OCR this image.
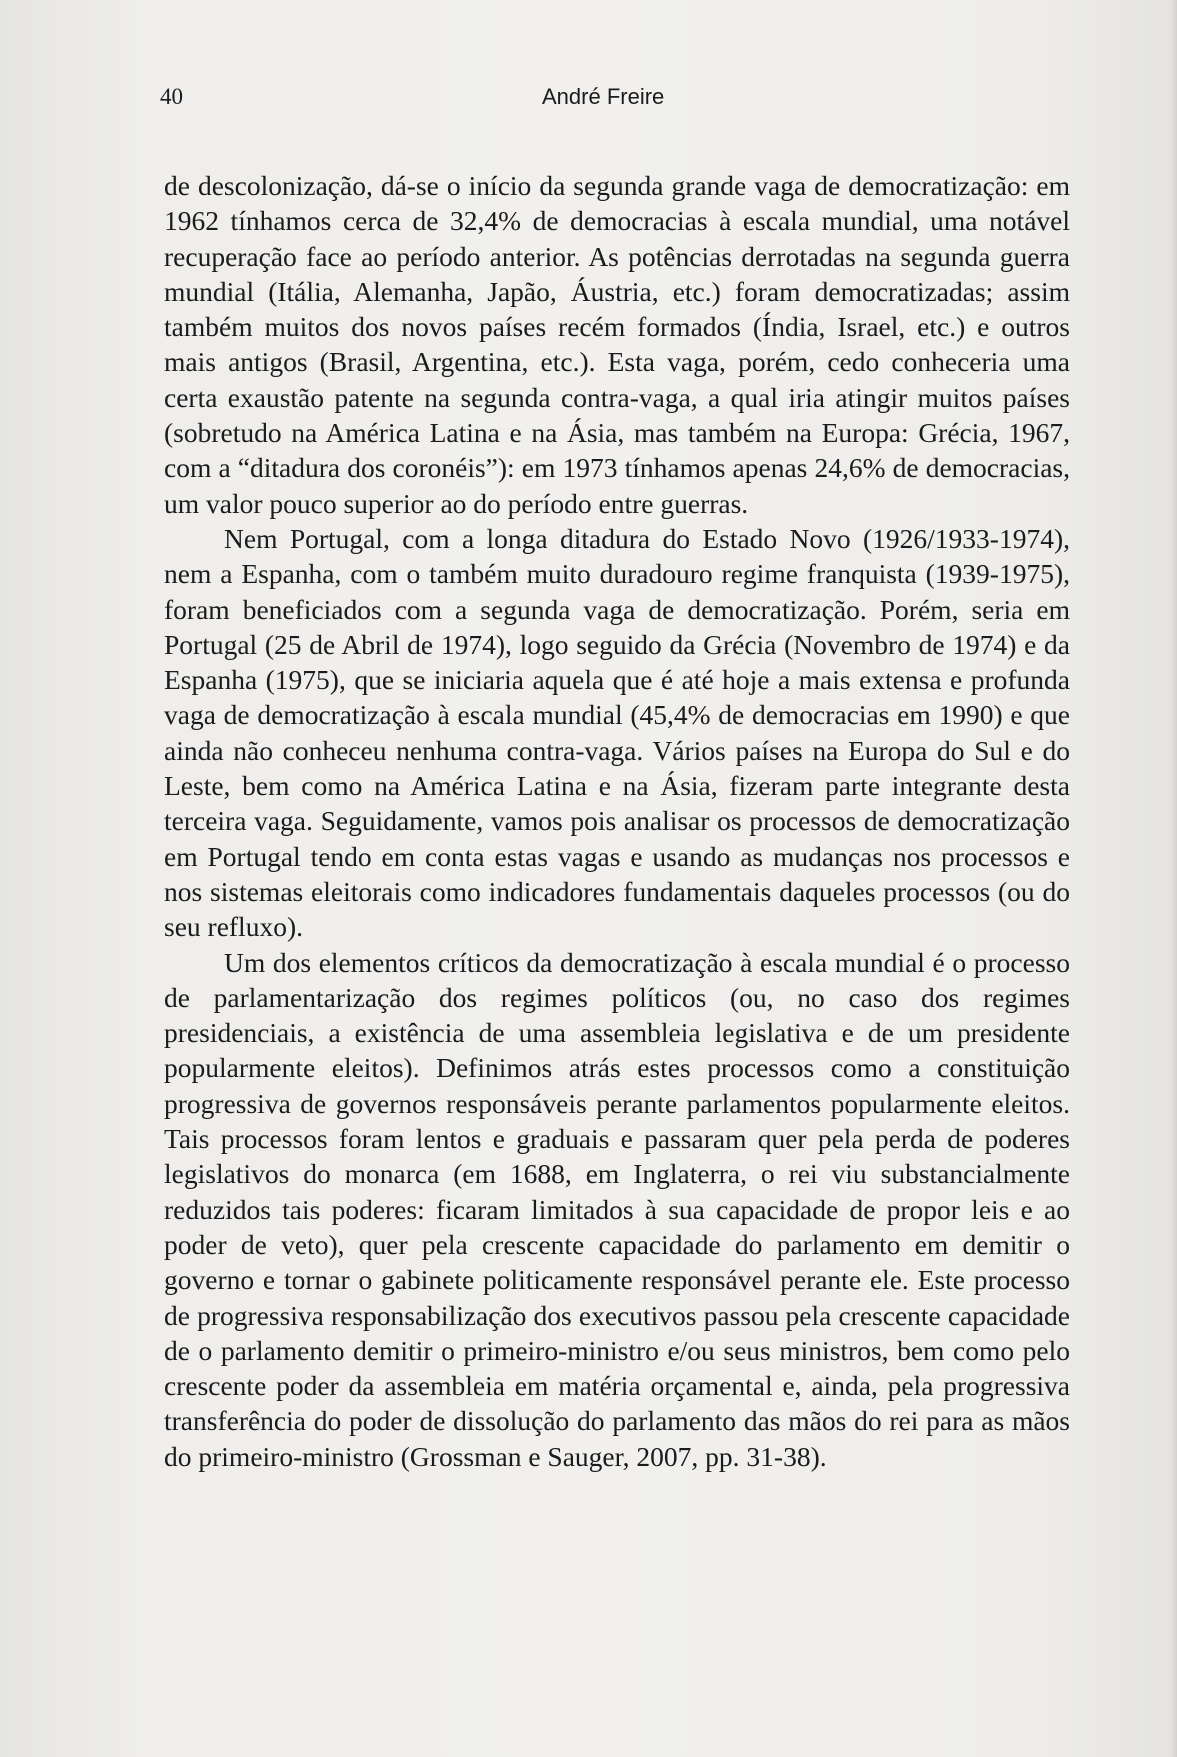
40	André Freire

de descolonização, dá-se o início da segunda grande vaga de democratização: em 1962 tínhamos cerca de 32,4% de democracias à escala mundial, uma notável recuperação face ao período anterior. As potências derrotadas na segunda guerra mundial (Itália, Alemanha, Japão, Áustria, etc.) foram democratizadas; assim também muitos dos novos países recém formados (Índia, Israel, etc.) e outros mais antigos (Brasil, Argentina, etc.). Esta vaga, porém, cedo conheceria uma certa exaustão patente na segunda contra-vaga, a qual iria atingir muitos países (sobretudo na América Latina e na Ásia, mas também na Europa: Grécia, 1967, com a “ditadura dos coronéis”): em 1973 tínhamos apenas 24,6% de democracias, um valor pouco superior ao do período entre guerras.

Nem Portugal, com a longa ditadura do Estado Novo (1926/1933-1974), nem a Espanha, com o também muito duradouro regime franquista (1939-1975), foram beneficiados com a segunda vaga de democratização. Porém, seria em Portugal (25 de Abril de 1974), logo seguido da Grécia (Novembro de 1974) e da Espanha (1975), que se iniciaria aquela que é até hoje a mais extensa e profunda vaga de democratização à escala mundial (45,4% de democracias em 1990) e que ainda não conheceu nenhuma contra-vaga. Vários países na Europa do Sul e do Leste, bem como na América Latina e na Ásia, fizeram parte integrante desta terceira vaga. Seguidamente, vamos pois analisar os processos de democratização em Portugal tendo em conta estas vagas e usando as mudanças nos processos e nos sistemas eleitorais como indicadores fundamentais daqueles processos (ou do seu refluxo).

Um dos elementos críticos da democratização à escala mundial é o processo de parlamentarização dos regimes políticos (ou, no caso dos regimes presidenciais, a existência de uma assembleia legislativa e de um presidente popularmente eleitos). Definimos atrás estes processos como a constituição progressiva de governos responsáveis perante parlamentos popularmente eleitos. Tais processos foram lentos e graduais e passaram quer pela perda de poderes legislativos do monarca (em 1688, em Inglaterra, o rei viu substancialmente reduzidos tais poderes: ficaram limitados à sua capacidade de propor leis e ao poder de veto), quer pela crescente capacidade do parlamento em demitir o governo e tornar o gabinete politicamente responsável perante ele. Este processo de progressiva responsabilização dos executivos passou pela crescente capacidade de o parlamento demitir o primeiro-ministro e/ou seus ministros, bem como pelo crescente poder da assembleia em matéria orçamental e, ainda, pela progressiva transferência do poder de dissolução do parlamento das mãos do rei para as mãos do primeiro-ministro (Grossman e Sauger, 2007, pp. 31-38).
